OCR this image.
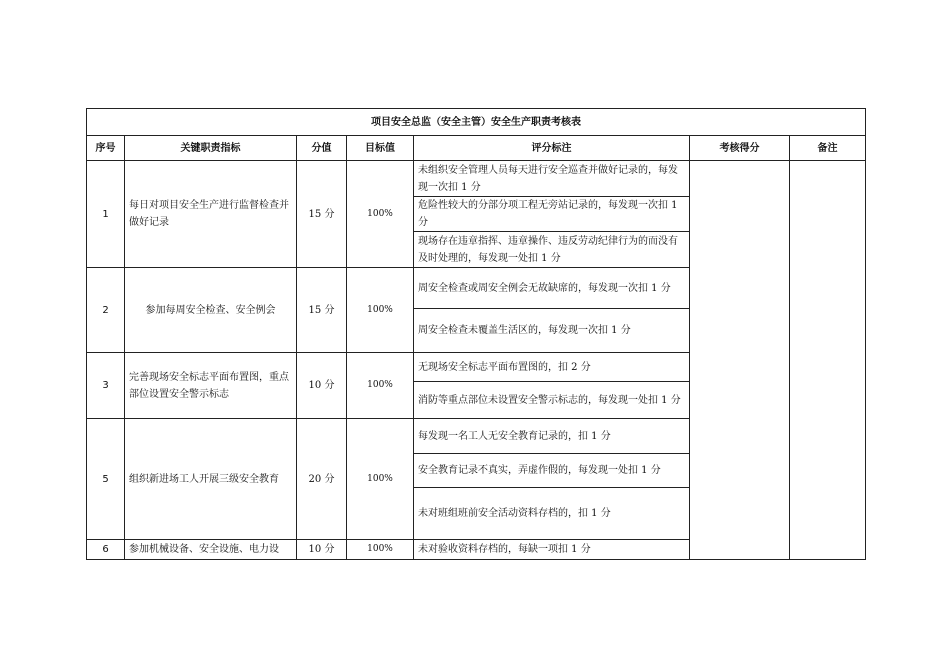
项目安全总监（安全主管）安全生产职责考核表						
序号	关键职责指标	分值	目标值	评分标注	考核得分	备注
1	每日对项目安全生产进行监督检查并做好记录	15 分	100%	未组织安全管理人员每天进行安全巡查并做好记录的，每发现一次扣 1 分		
				危险性较大的分部分项工程无旁站记录的，每发现一次扣 1 分		
				现场存在违章指挥、违章操作、违反劳动纪律行为的而没有及时处理的，每发现一处扣 1 分		
2	参加每周安全检查、安全例会	15 分	100%	周安全检查或周安全例会无故缺席的，每发现一次扣 1 分		
				周安全检查未覆盖生活区的，每发现一次扣 1 分		
3	完善现场安全标志平面布置图，重点部位设置安全警示标志	10 分	100%	无现场安全标志平面布置图的，扣 2 分		
				消防等重点部位未设置安全警示标志的，每发现一处扣 1 分		
5	组织新进场工人开展三级安全教育	20 分	100%	每发现一名工人无安全教育记录的，扣 1 分		
				安全教育记录不真实，弄虚作假的，每发现一处扣 1 分		
				未对班组班前安全活动资料存档的，扣 1 分		
6	参加机械设备、安全设施、电力设	10 分	100%	未对验收资料存档的，每缺一项扣 1 分		
